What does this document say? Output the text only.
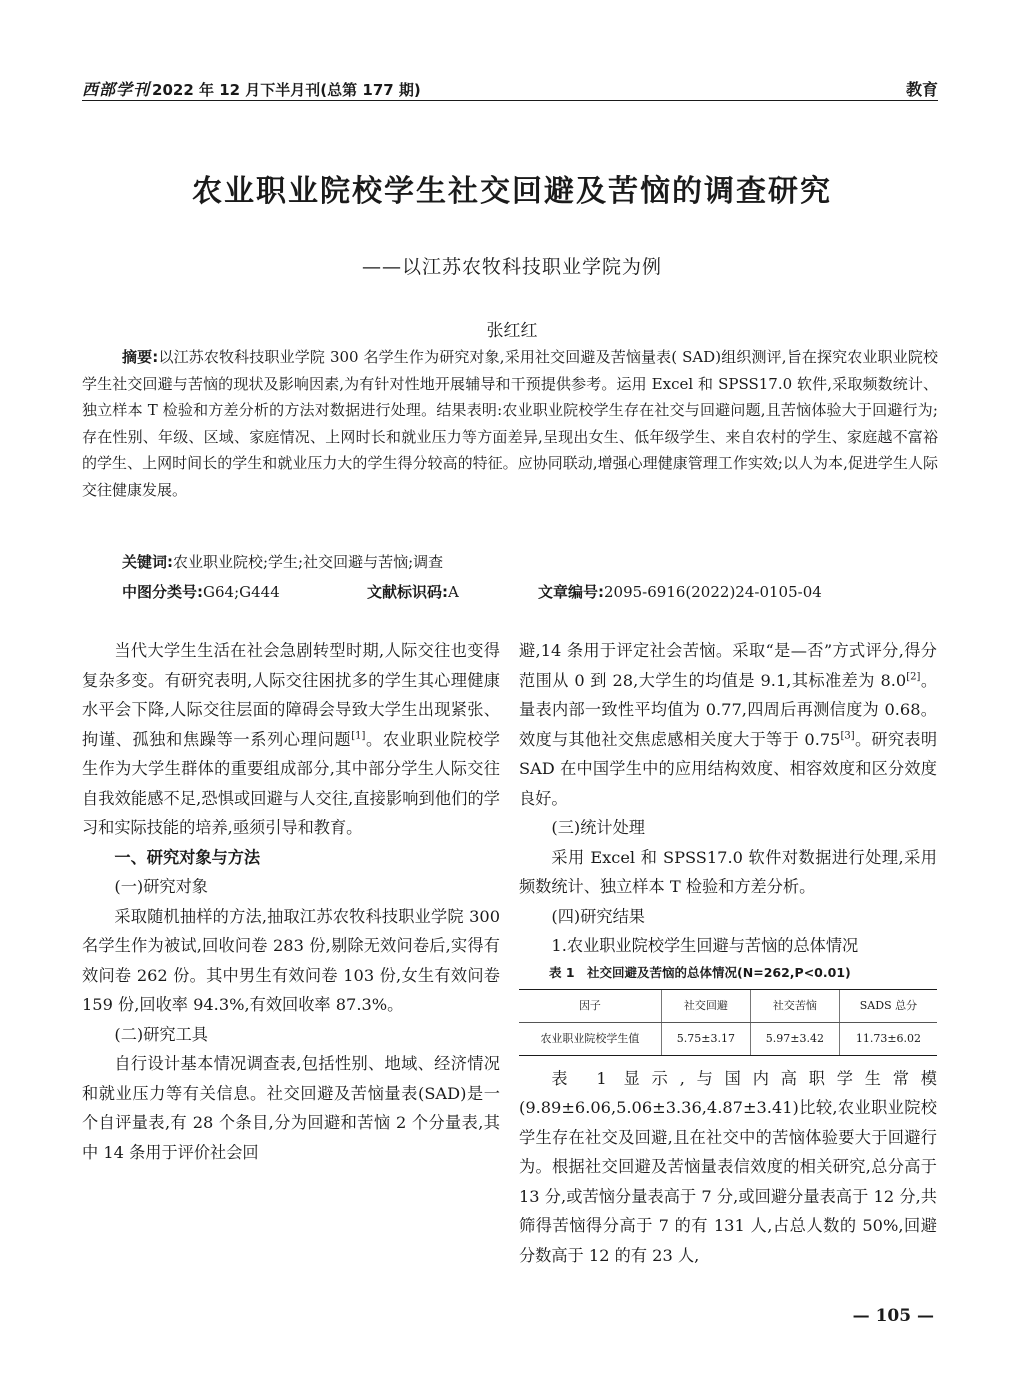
西部学刊 2022 年 12 月下半月刊(总第 177 期)	教育
农业职业院校学生社交回避及苦恼的调查研究
——以江苏农牧科技职业学院为例
张红红

摘要:以江苏农牧科技职业学院 300 名学生作为研究对象,采用社交回避及苦恼量表( SAD)组织测评,旨在探究农业职业院校学生社交回避与苦恼的现状及影响因素,为有针对性地开展辅导和干预提供参考。运用 Excel 和 SPSS17.0 软件,采取频数统计、独立样本 T 检验和方差分析的方法对数据进行处理。结果表明:农业职业院校学生存在社交与回避问题,且苦恼体验大于回避行为;存在性别、年级、区域、家庭情况、上网时长和就业压力等方面差异,呈现出女生、低年级学生、来自农村的学生、家庭越不富裕的学生、上网时间长的学生和就业压力大的学生得分较高的特征。应协同联动,增强心理健康管理工作实效;以人为本,促进学生人际交往健康发展。

关键词:农业职业院校;学生;社交回避与苦恼;调查

中图分类号:G64;G444	文献标识码:A	文章编号:2095-6916(2022)24-0105-04

当代大学生生活在社会急剧转型时期,人际交往也变得复杂多变。有研究表明,人际交往困扰多的学生其心理健康水平会下降,人际交往层面的障碍会导致大学生出现紧张、拘谨、孤独和焦躁等一系列心理问题[1]。农业职业院校学生作为大学生群体的重要组成部分,其中部分学生人际交往自我效能感不足,恐惧或回避与人交往,直接影响到他们的学习和实际技能的培养,亟须引导和教育。

一、研究对象与方法

(一)研究对象

采取随机抽样的方法,抽取江苏农牧科技职业学院 300 名学生作为被试,回收问卷 283 份,剔除无效问卷后,实得有效问卷 262 份。其中男生有效问卷 103 份,女生有效问卷 159 份,回收率 94.3%,有效回收率 87.3%。

(二)研究工具

自行设计基本情况调查表,包括性别、地域、经济情况和就业压力等有关信息。社交回避及苦恼量表(SAD)是一个自评量表,有 28 个条目,分为回避和苦恼 2 个分量表,其中 14 条用于评价社会回

避,14 条用于评定社会苦恼。采取“是—否”方式评分,得分范围从 0 到 28,大学生的均值是 9.1,其标准差为 8.0[2]。量表内部一致性平均值为 0.77,四周后再测信度为 0.68。效度与其他社交焦虑感相关度大于等于 0.75[3]。研究表明 SAD 在中国学生中的应用结构效度、相容效度和区分效度良好。

(三)统计处理

采用 Excel 和 SPSS17.0 软件对数据进行处理,采用频数统计、独立样本 T 检验和方差分析。

(四)研究结果

1.农业职业院校学生回避与苦恼的总体情况

表 1　社交回避及苦恼的总体情况(N=262,P<0.01)

因子	社交回避	社交苦恼	SADS 总分
农业职业院校学生值	5.75±3.17	5.97±3.42	11.73±6.02

表 1 显示,与国内高职学生常模(9.89±6.06,5.06±3.36,4.87±3.41)比较,农业职业院校学生存在社交及回避,且在社交中的苦恼体验要大于回避行为。根据社交回避及苦恼量表信效度的相关研究,总分高于 13 分,或苦恼分量表高于 7 分,或回避分量表高于 12 分,共筛得苦恼得分高于 7 的有 131 人,占总人数的 50%,回避分数高于 12 的有 23 人,

— 105 —
